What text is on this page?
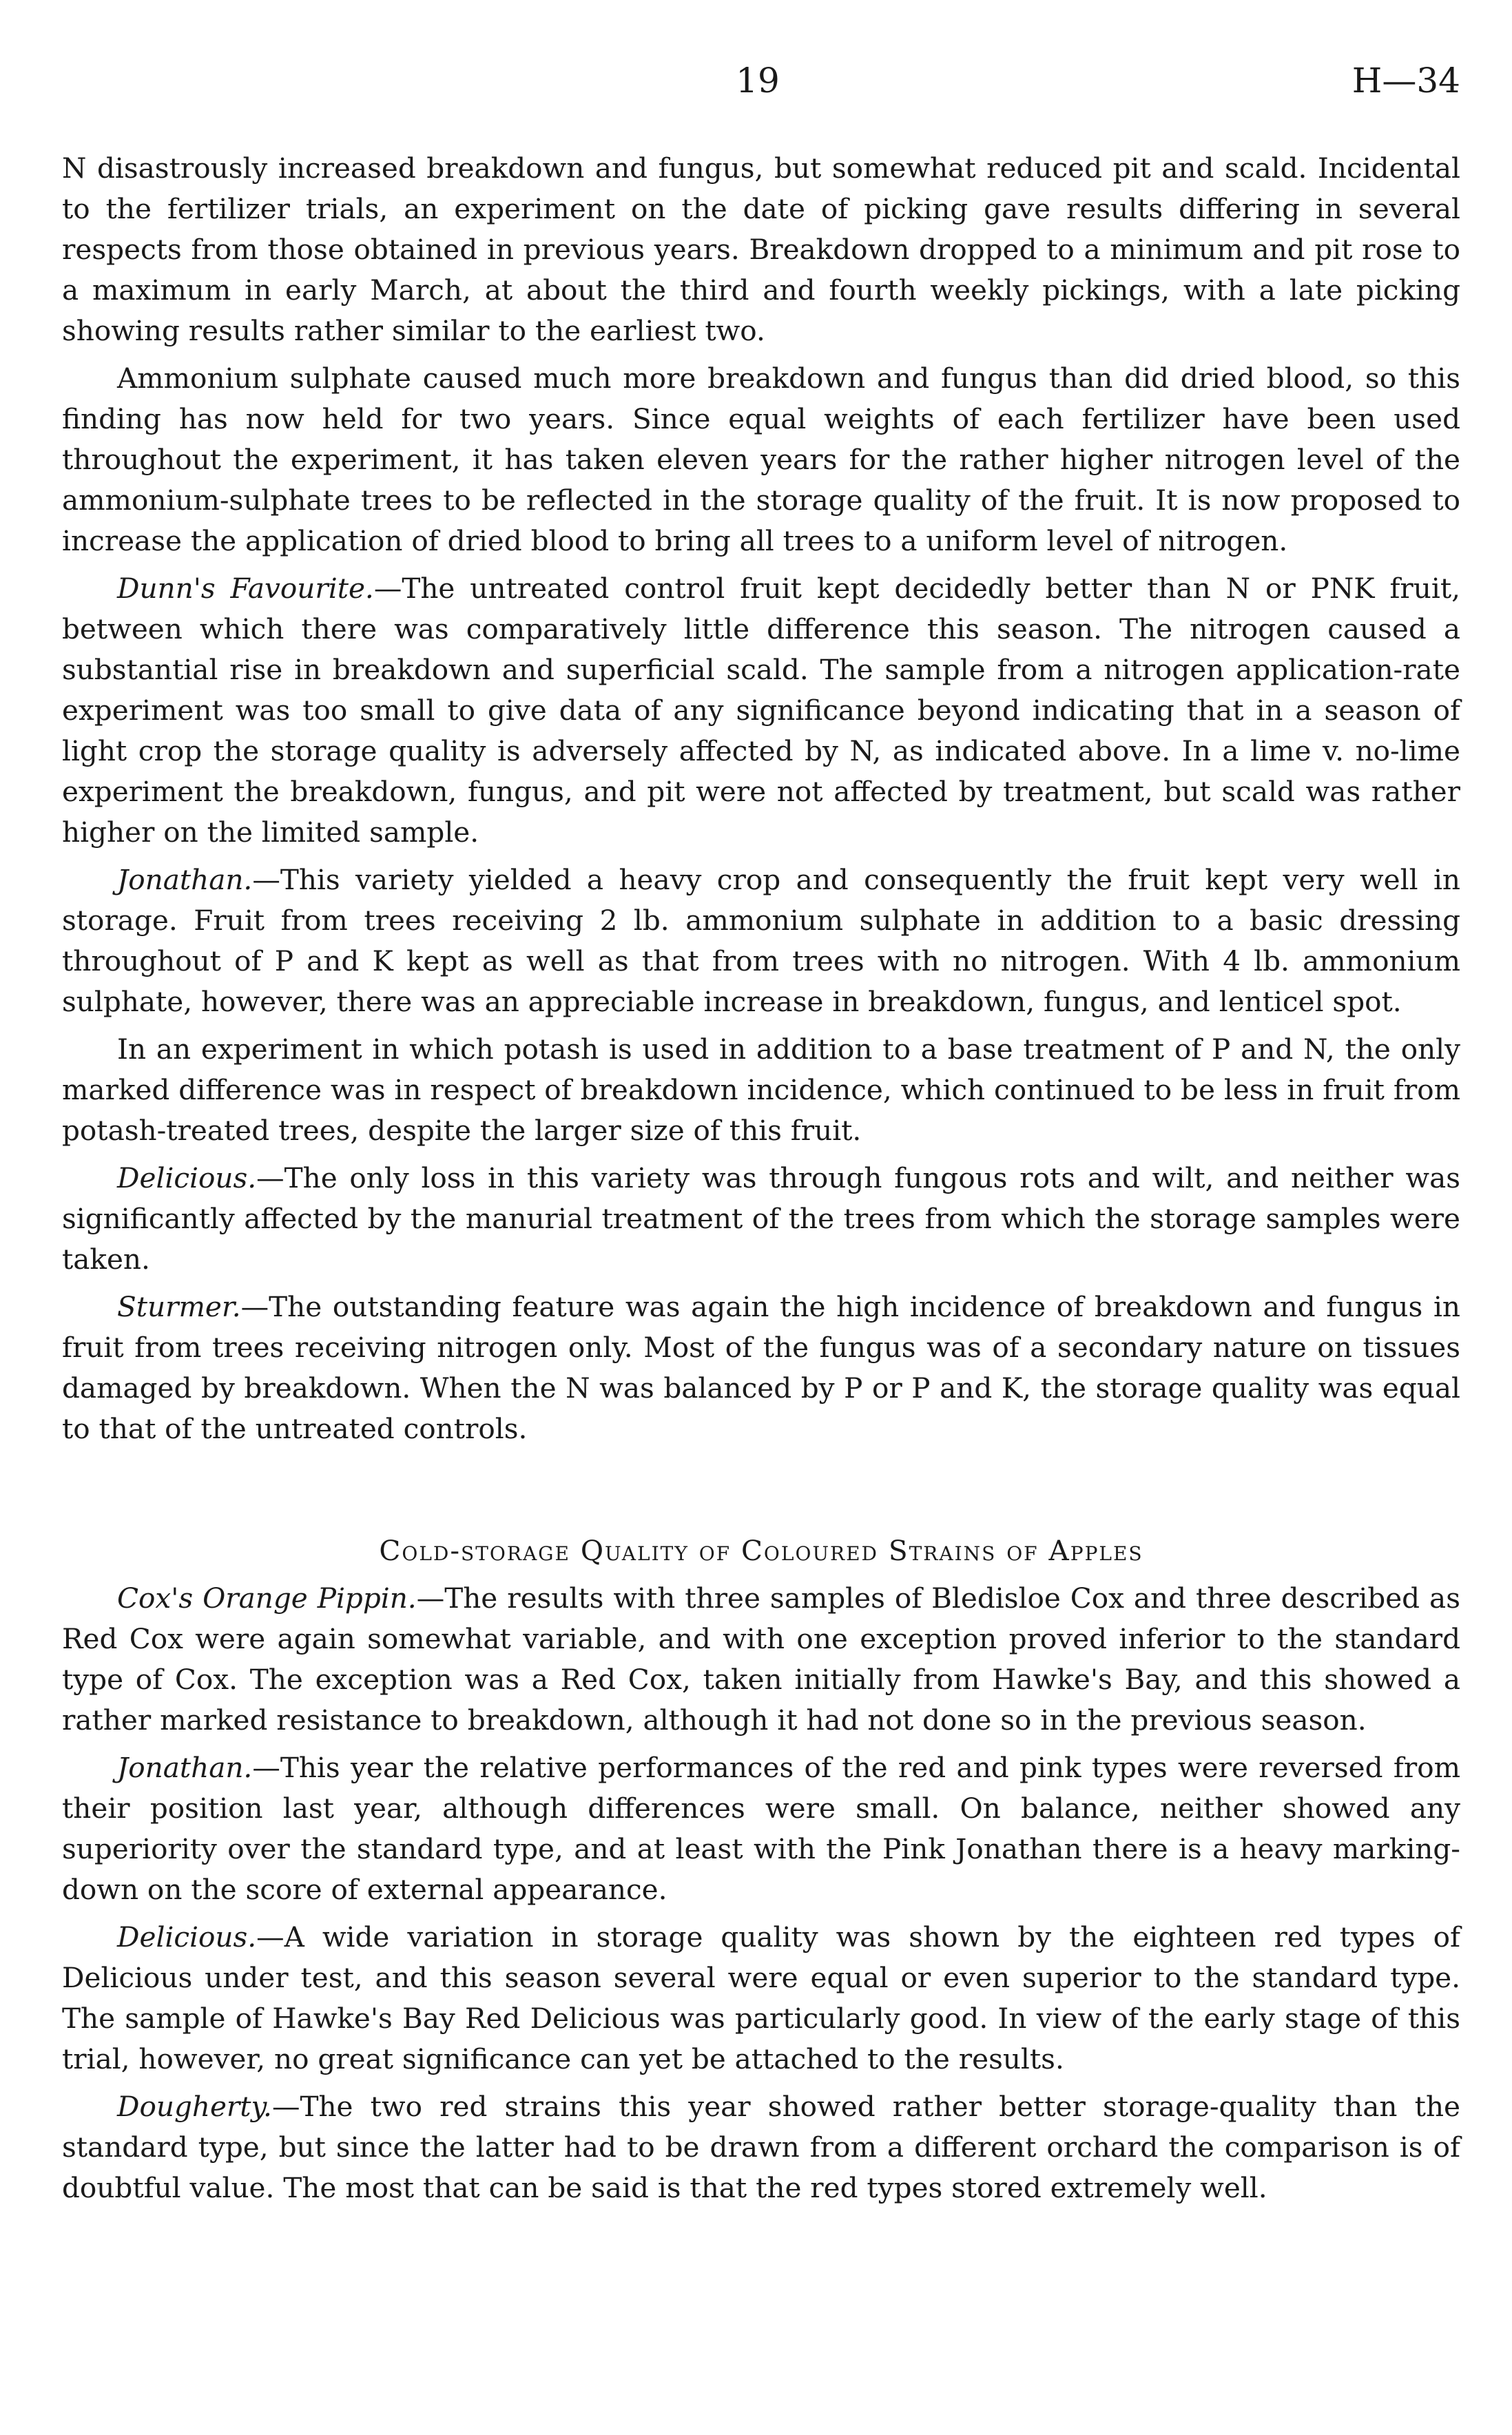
19	H—34

N disastrously increased breakdown and fungus, but somewhat reduced pit and scald. Incidental to the fertilizer trials, an experiment on the date of picking gave results differing in several respects from those obtained in previous years. Breakdown dropped to a minimum and pit rose to a maximum in early March, at about the third and fourth weekly pickings, with a late picking showing results rather similar to the earliest two.

Ammonium sulphate caused much more breakdown and fungus than did dried blood, so this finding has now held for two years. Since equal weights of each fertilizer have been used throughout the experiment, it has taken eleven years for the rather higher nitrogen level of the ammonium-sulphate trees to be reflected in the storage quality of the fruit. It is now proposed to increase the application of dried blood to bring all trees to a uniform level of nitrogen.

Dunn's Favourite.—The untreated control fruit kept decidedly better than N or PNK fruit, between which there was comparatively little difference this season. The nitrogen caused a substantial rise in breakdown and superficial scald. The sample from a nitrogen application-rate experiment was too small to give data of any significance beyond indicating that in a season of light crop the storage quality is adversely affected by N, as indicated above. In a lime v. no-lime experiment the breakdown, fungus, and pit were not affected by treatment, but scald was rather higher on the limited sample.

Jonathan.—This variety yielded a heavy crop and consequently the fruit kept very well in storage. Fruit from trees receiving 2 lb. ammonium sulphate in addition to a basic dressing throughout of P and K kept as well as that from trees with no nitrogen. With 4 lb. ammonium sulphate, however, there was an appreciable increase in breakdown, fungus, and lenticel spot.

In an experiment in which potash is used in addition to a base treatment of P and N, the only marked difference was in respect of breakdown incidence, which continued to be less in fruit from potash-treated trees, despite the larger size of this fruit.

Delicious.—The only loss in this variety was through fungous rots and wilt, and neither was significantly affected by the manurial treatment of the trees from which the storage samples were taken.

Sturmer.—The outstanding feature was again the high incidence of breakdown and fungus in fruit from trees receiving nitrogen only. Most of the fungus was of a secondary nature on tissues damaged by breakdown. When the N was balanced by P or P and K, the storage quality was equal to that of the untreated controls.

Cold-storage Quality of Coloured Strains of Apples

Cox's Orange Pippin.—The results with three samples of Bledisloe Cox and three described as Red Cox were again somewhat variable, and with one exception proved inferior to the standard type of Cox. The exception was a Red Cox, taken initially from Hawke's Bay, and this showed a rather marked resistance to breakdown, although it had not done so in the previous season.

Jonathan.—This year the relative performances of the red and pink types were reversed from their position last year, although differences were small. On balance, neither showed any superiority over the standard type, and at least with the Pink Jonathan there is a heavy marking-down on the score of external appearance.

Delicious.—A wide variation in storage quality was shown by the eighteen red types of Delicious under test, and this season several were equal or even superior to the standard type. The sample of Hawke's Bay Red Delicious was particularly good. In view of the early stage of this trial, however, no great significance can yet be attached to the results.

Dougherty.—The two red strains this year showed rather better storage-quality than the standard type, but since the latter had to be drawn from a different orchard the comparison is of doubtful value. The most that can be said is that the red types stored extremely well.
